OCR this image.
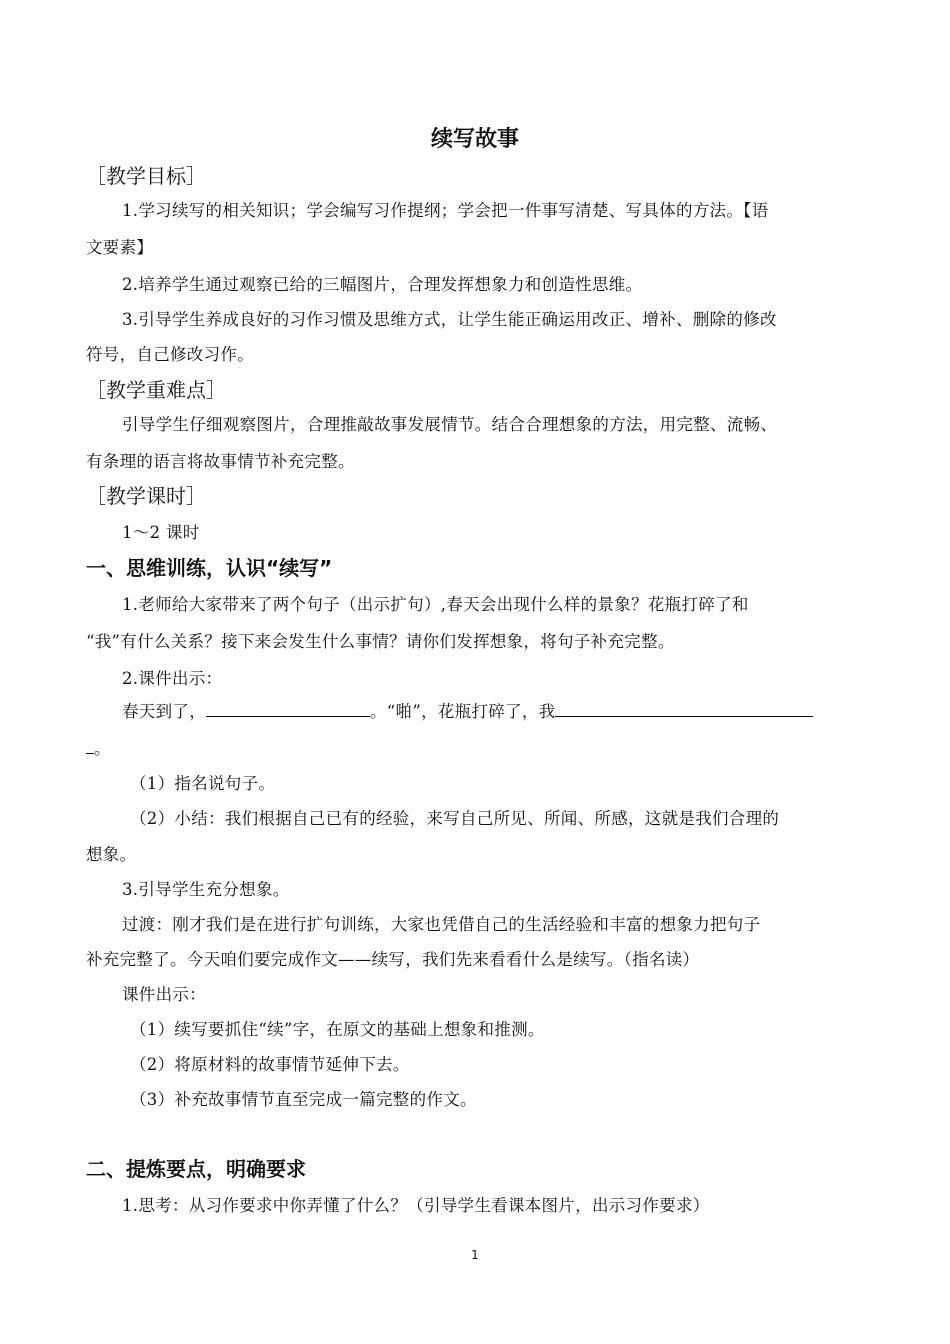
续写故事
［教学目标］
1.学习续写的相关知识；学会编写习作提纲；学会把一件事写清楚、写具体的方法。【语
文要素】
2.培养学生通过观察已给的三幅图片，合理发挥想象力和创造性思维。
3.引导学生养成良好的习作习惯及思维方式，让学生能正确运用改正、增补、删除的修改
符号，自己修改习作。
［教学重难点］
引导学生仔细观察图片，合理推敲故事发展情节。结合合理想象的方法，用完整、流畅、
有条理的语言将故事情节补充完整。
［教学课时］
1～2 课时
一、思维训练，认识“续写”
1.老师给大家带来了两个句子（出示扩句）,春天会出现什么样的景象？花瓶打碎了和
“我”有什么关系？接下来会发生什么事情？请你们发挥想象，将句子补充完整。
2.课件出示：
春天到了，	。“啪”，花瓶打碎了，我
。
（1）指名说句子。
（2）小结：我们根据自己已有的经验，来写自己所见、所闻、所感，这就是我们合理的
想象。
3.引导学生充分想象。
过渡：刚才我们是在进行扩句训练，大家也凭借自己的生活经验和丰富的想象力把句子
补充完整了。今天咱们要完成作文——续写，我们先来看看什么是续写。（指名读）
课件出示：
（1）续写要抓住“续”字，在原文的基础上想象和推测。
（2）将原材料的故事情节延伸下去。
（3）补充故事情节直至完成一篇完整的作文。
二、提炼要点，明确要求
1.思考：从习作要求中你弄懂了什么？（引导学生看课本图片，出示习作要求）
1
